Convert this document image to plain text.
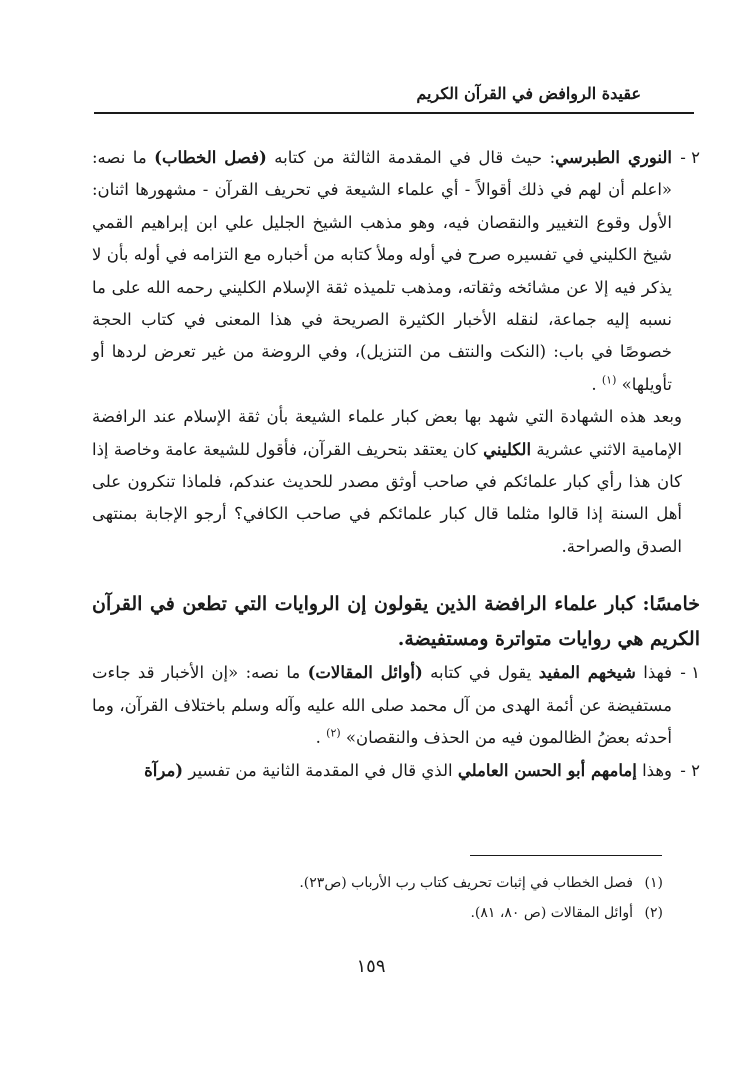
عقيدة الروافض في القرآن الكريم

٢ -النوري الطبرسي: حيث قال في المقدمة الثالثة من كتابه (فصل الخطاب) ما نصه: «اعلم أن لهم في ذلك أقوالاً - أي علماء الشيعة في تحريف القرآن - مشهورها اثنان: الأول وقوع التغيير والنقصان فيه، وهو مذهب الشيخ الجليل علي ابن إبراهيم القمي شيخ الكليني في تفسيره صرح في أوله وملأ كتابه من أخباره مع التزامه في أوله بأن لا يذكر فيه إلا عن مشائخه وثقاته، ومذهب تلميذه ثقة الإسلام الكليني رحمه الله على ما نسبه إليه جماعة، لنقله الأخبار الكثيرة الصريحة في هذا المعنى في كتاب الحجة خصوصًا في باب: (النكت والنتف من التنزيل)، وفي الروضة من غير تعرض لردها أو تأويلها» $^{(١)}$ .

وبعد هذه الشهادة التي شهد بها بعض كبار علماء الشيعة بأن ثقة الإسلام عند الرافضة الإمامية الاثني عشرية الكليني كان يعتقد بتحريف القرآن، فأقول للشيعة عامة وخاصة إذا كان هذا رأي كبار علمائكم في صاحب أوثق مصدر للحديث عندكم، فلماذا تنكرون على أهل السنة إذا قالوا مثلما قال كبار علمائكم في صاحب الكافي؟ أرجو الإجابة بمنتهى الصدق والصراحة.

خامسًا: كبار علماء الرافضة الذين يقولون إن الروايات التي تطعن في القرآن الكريم هي روايات متواترة ومستفيضة.

١ -فهذا شيخهم المفيد يقول في كتابه (أوائل المقالات) ما نصه: «إن الأخبار قد جاءت مستفيضة عن أئمة الهدى من آل محمد صلى الله عليه وآله وسلم باختلاف القرآن، وما أحدثه بعضُ الظالمون فيه من الحذف والنقصان» $^{(٢)}$ .

٢ -وهذا إمامهم أبو الحسن العاملي الذي قال في المقدمة الثانية من تفسير (مرآة

(١)فصل الخطاب في إثبات تحريف كتاب رب الأرباب (ص٢٣).

(٢)أوائل المقالات (ص ٨٠، ٨١).

١٥٩
